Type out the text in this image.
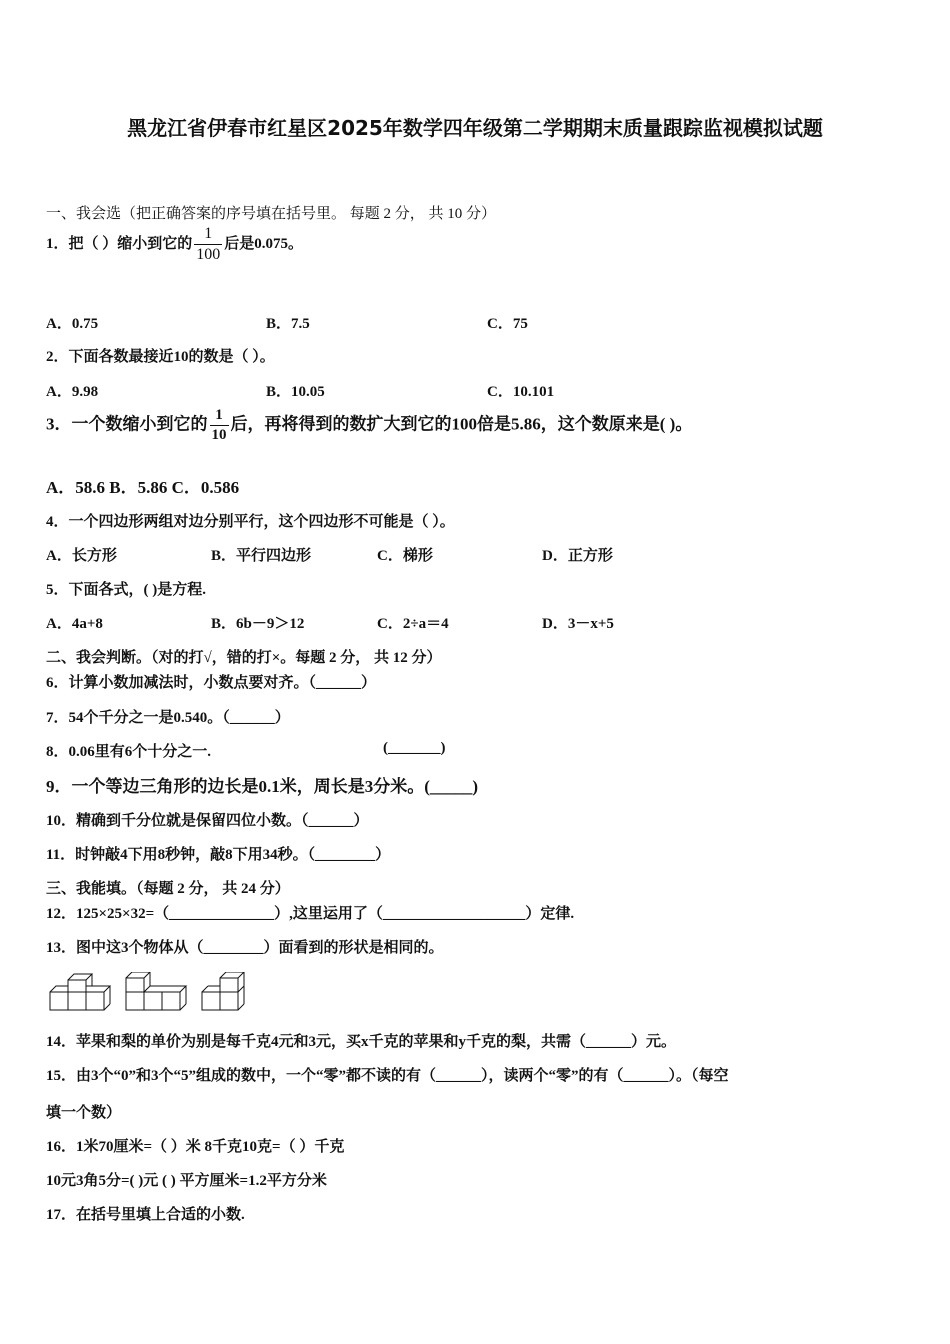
黑龙江省伊春市红星区2025年数学四年级第二学期期末质量跟踪监视模拟试题
一、我会选（把正确答案的序号填在括号里。 每题 2 分， 共 10 分）
1．把（ ）缩小到它的 $\frac{1}{100}$ 后是0.075。
A．0.75	B．7.5	C．75
2．下面各数最接近10的数是（ ）。
A．9.98	B．10.05	C．10.101
3．一个数缩小到它的 $\frac{1}{10}$ 后，再将得到的数扩大到它的100倍是5.86，这个数原来是( )。
A．58.6 B．5.86 C．0.586
4．一个四边形两组对边分别平行，这个四边形不可能是（ ）。
A．长方形	B．平行四边形	C．梯形	D．正方形
5．下面各式，( )是方程.
A．4a+8	B．6b－9＞12	C．2÷a＝4	D．3－x+5
二、我会判断。（对的打√，错的打×。每题 2 分， 共 12 分）
6．计算小数加减法时，小数点要对齐。（______）
7．54个千分之一是0.540。（______）
8．0.06里有6个十分之一.	(_______)
9．一个等边三角形的边长是0.1米，周长是3分米。(_____)
10．精确到千分位就是保留四位小数。（______）
11．时钟敲4下用8秒钟，敲8下用34秒。（________）
三、我能填。（每题 2 分， 共 24 分）
12．125×25×32=（______________）,这里运用了（___________________）定律.
13．图中这3个物体从（________）面看到的形状是相同的。
14．苹果和梨的单价为别是每千克4元和3元，买x千克的苹果和y千克的梨，共需（______）元。
15．由3个“0”和3个“5”组成的数中，一个“零”都不读的有（______），读两个“零”的有（______）。（每空
填一个数）
16．1米70厘米=（ ）米 8千克10克=（ ）千克
10元3角5分=( )元 ( ) 平方厘米=1.2平方分米
17．在括号里填上合适的小数.
